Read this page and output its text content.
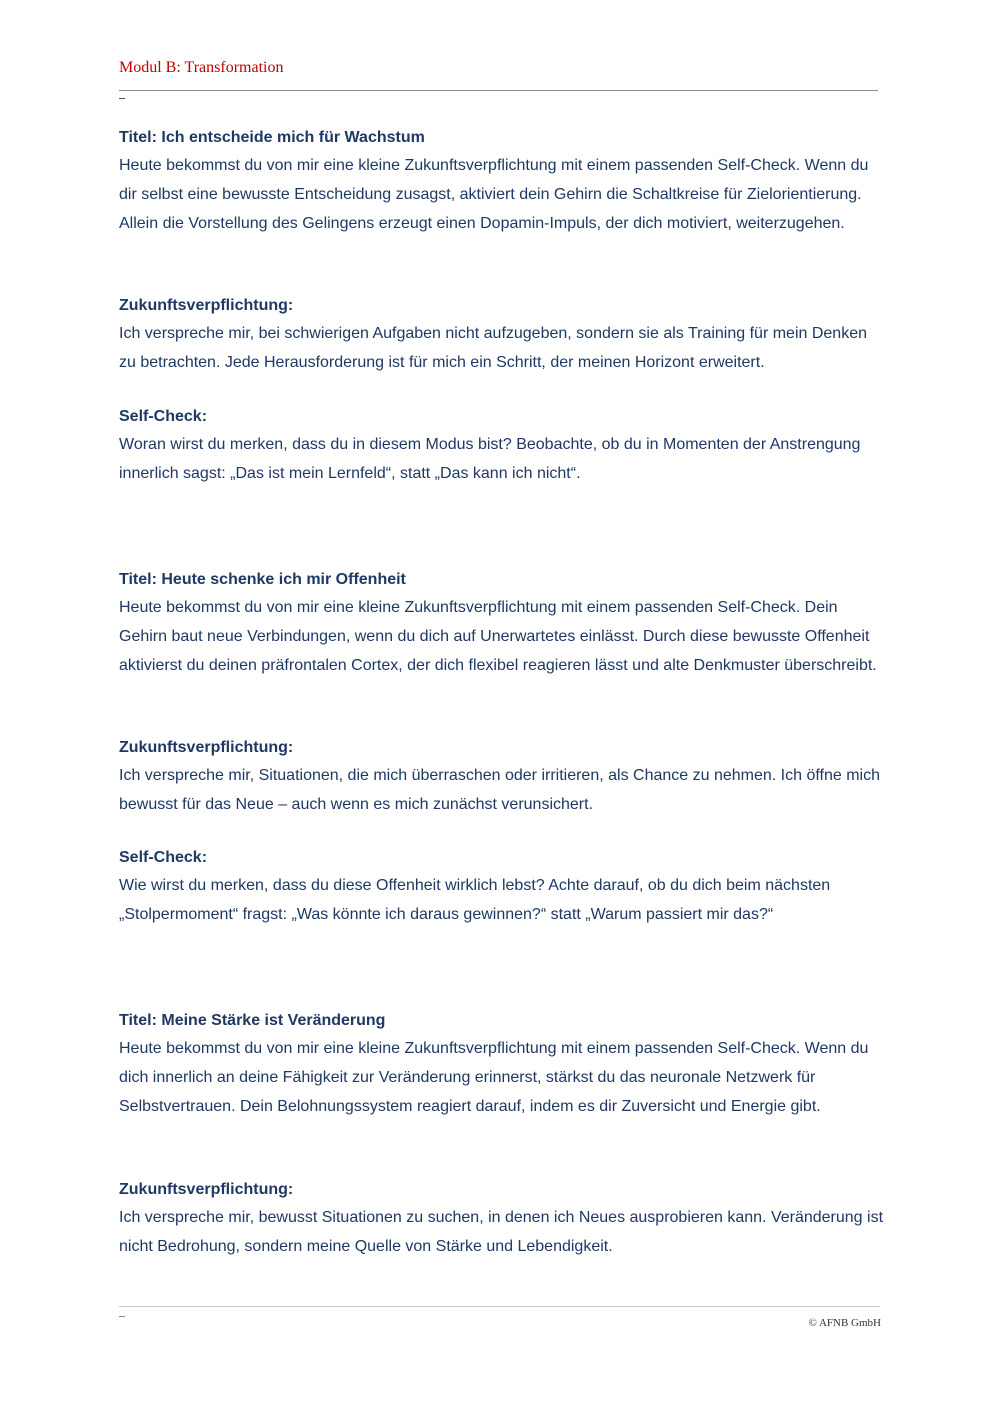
Modul B: Transformation

Titel: Ich entscheide mich für Wachstum

Heute bekommst du von mir eine kleine Zukunftsverpflichtung mit einem passenden Self-Check. Wenn du dir selbst eine bewusste Entscheidung zusagst, aktiviert dein Gehirn die Schaltkreise für Zielorientierung. Allein die Vorstellung des Gelingens erzeugt einen Dopamin-Impuls, der dich motiviert, weiterzugehen.

Zukunftsverpflichtung:

Ich verspreche mir, bei schwierigen Aufgaben nicht aufzugeben, sondern sie als Training für mein Denken zu betrachten. Jede Herausforderung ist für mich ein Schritt, der meinen Horizont erweitert.

Self-Check:

Woran wirst du merken, dass du in diesem Modus bist? Beobachte, ob du in Momenten der Anstrengung innerlich sagst: „Das ist mein Lernfeld“, statt „Das kann ich nicht“.

Titel: Heute schenke ich mir Offenheit

Heute bekommst du von mir eine kleine Zukunftsverpflichtung mit einem passenden Self-Check. Dein Gehirn baut neue Verbindungen, wenn du dich auf Unerwartetes einlässt. Durch diese bewusste Offenheit aktivierst du deinen präfrontalen Cortex, der dich flexibel reagieren lässt und alte Denkmuster überschreibt.

Zukunftsverpflichtung:

Ich verspreche mir, Situationen, die mich überraschen oder irritieren, als Chance zu nehmen. Ich öffne mich bewusst für das Neue – auch wenn es mich zunächst verunsichert.

Self-Check:

Wie wirst du merken, dass du diese Offenheit wirklich lebst? Achte darauf, ob du dich beim nächsten „Stolpermoment“ fragst: „Was könnte ich daraus gewinnen?“ statt „Warum passiert mir das?“

Titel: Meine Stärke ist Veränderung

Heute bekommst du von mir eine kleine Zukunftsverpflichtung mit einem passenden Self-Check. Wenn du dich innerlich an deine Fähigkeit zur Veränderung erinnerst, stärkst du das neuronale Netzwerk für Selbstvertrauen. Dein Belohnungssystem reagiert darauf, indem es dir Zuversicht und Energie gibt.

Zukunftsverpflichtung:

Ich verspreche mir, bewusst Situationen zu suchen, in denen ich Neues ausprobieren kann. Veränderung ist nicht Bedrohung, sondern meine Quelle von Stärke und Lebendigkeit.

© AFNB GmbH
